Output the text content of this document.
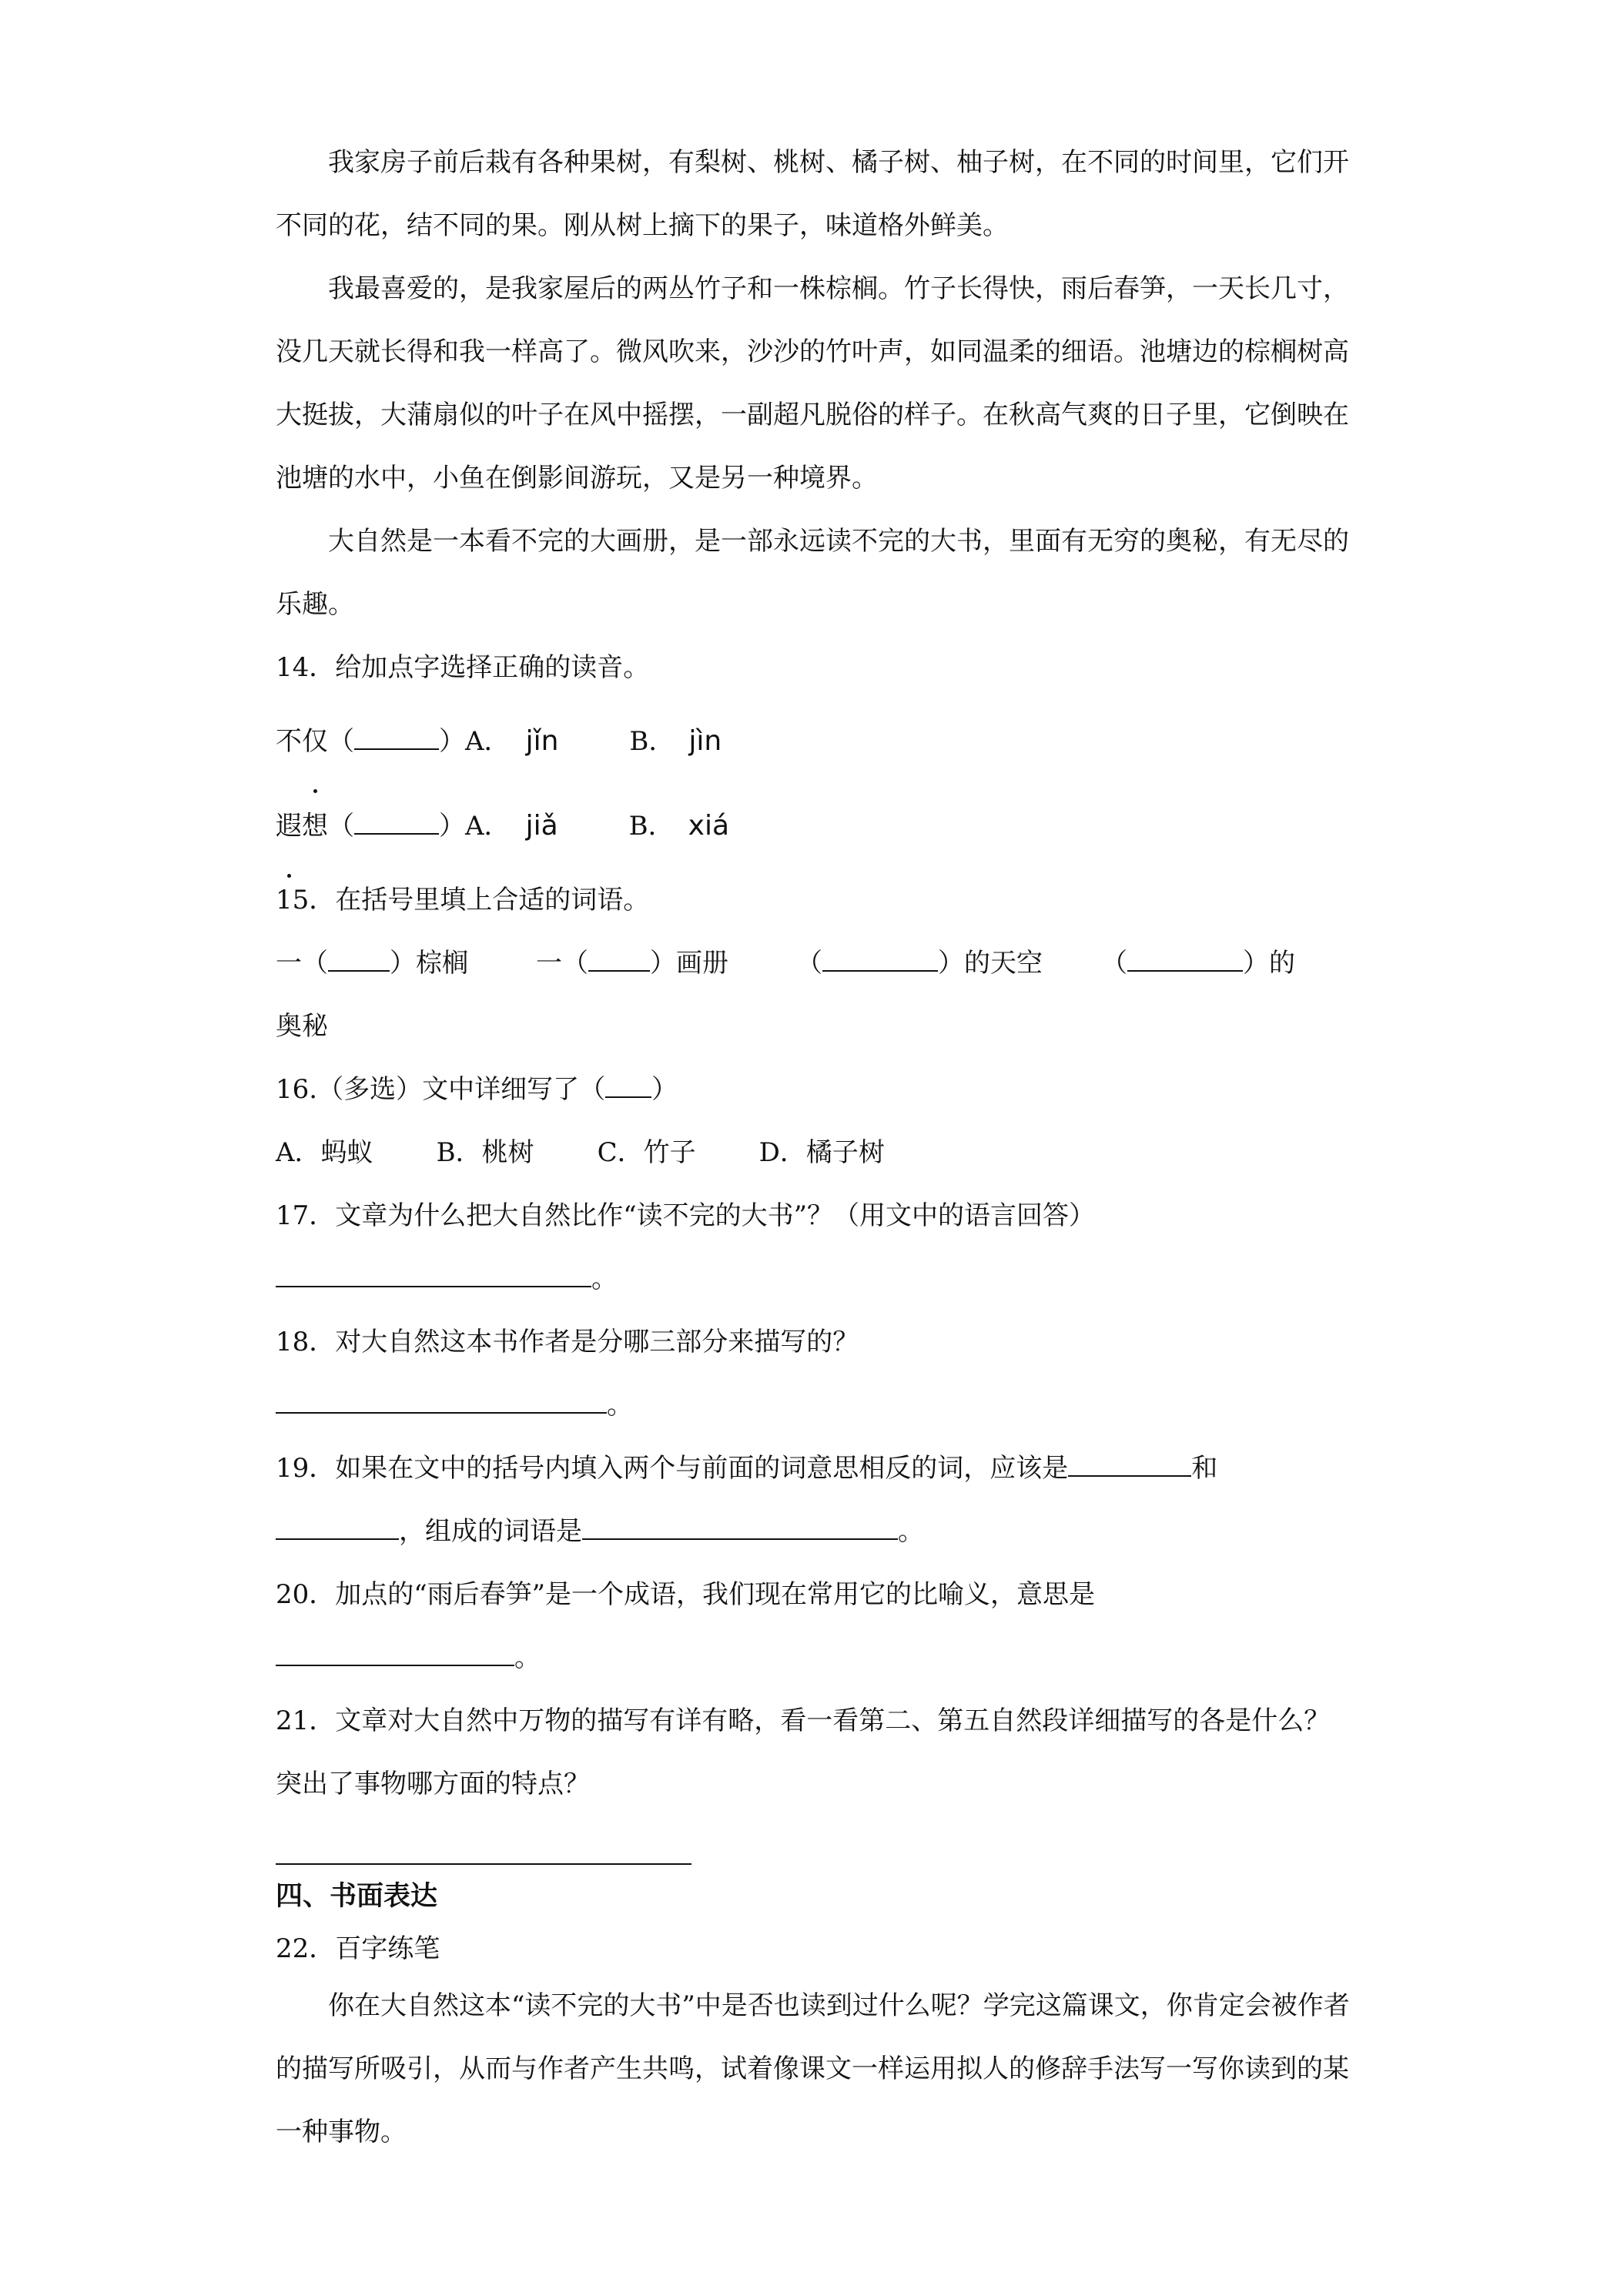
我家房子前后栽有各种果树，有梨树、桃树、橘子树、柚子树，在不同的时间里，它们开不同的花，结不同的果。刚从树上摘下的果子，味道格外鲜美。

我最喜爱的，是我家屋后的两丛竹子和一株棕榈。竹子长得快，雨后春笋，一天长几寸，没几天就长得和我一样高了。微风吹来，沙沙的竹叶声，如同温柔的细语。池塘边的棕榈树高大挺拔，大蒲扇似的叶子在风中摇摆，一副超凡脱俗的样子。在秋高气爽的日子里，它倒映在池塘的水中，小鱼在倒影间游玩，又是另一种境界。

大自然是一本看不完的大画册，是一部永远读不完的大书，里面有无穷的奥秘，有无尽的乐趣。

14．给加点字选择正确的读音。

不仅（	）A． jǐn	B． jìn

遐想（	）A． jiǎ	B． xiá

15．在括号里填上合适的词语。

一（ ）棕榈	一（ ）画册	（	）的天空 （	）的

奥秘

16.（多选）文中详细写了（ ）

A．蚂蚁 B．桃树 C．竹子 D．橘子树

17．文章为什么把大自然比作“读不完的大书”？（用文中的语言回答）

。

18．对大自然这本书作者是分哪三部分来描写的？

。

19．如果在文中的括号内填入两个与前面的词意思相反的词，应该是	和

，组成的词语是	。

20．加点的“雨后春笋”是一个成语，我们现在常用它的比喻义，意思是

。

21．文章对大自然中万物的描写有详有略，看一看第二、第五自然段详细描写的各是什么？突出了事物哪方面的特点？

四、书面表达

22．百字练笔

你在大自然这本“读不完的大书”中是否也读到过什么呢？学完这篇课文，你肯定会被作者的描写所吸引，从而与作者产生共鸣，试着像课文一样运用拟人的修辞手法写一写你读到的某一种事物。
